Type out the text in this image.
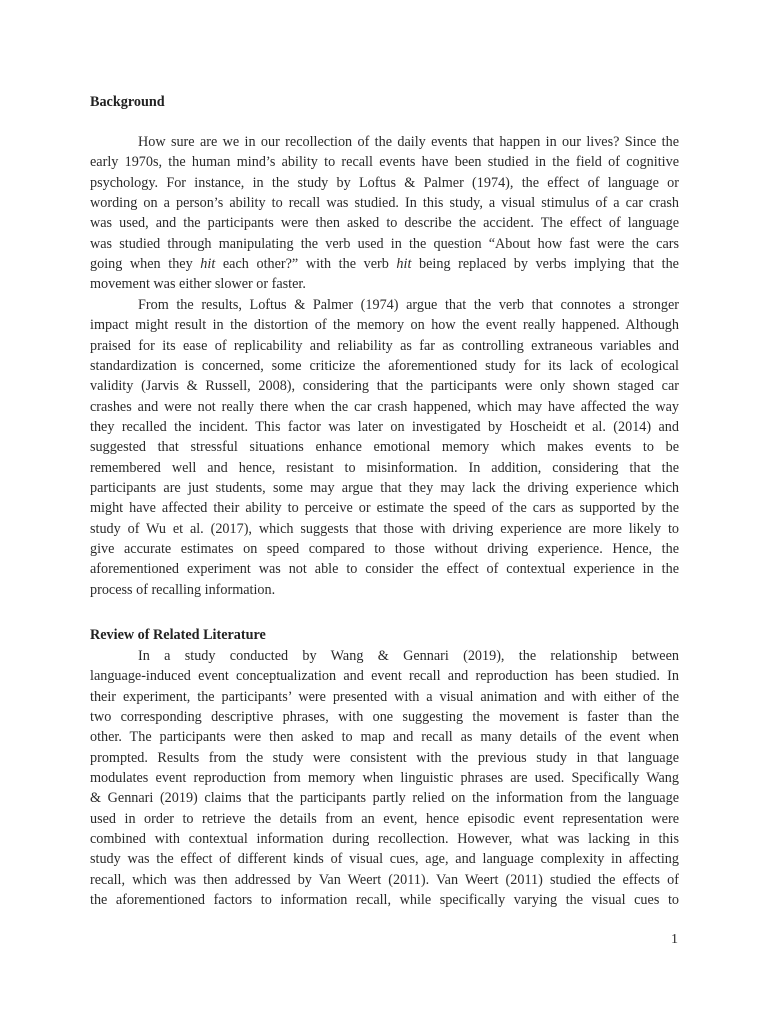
Background
How sure are we in our recollection of the daily events that happen in our lives? Since the
early 1970s, the human mind’s ability to recall events have been studied in the field of cognitive
psychology. For instance, in the study by Loftus & Palmer (1974), the effect of language or
wording on a person’s ability to recall was studied. In this study, a visual stimulus of a car crash
was used, and the participants were then asked to describe the accident. The effect of language
was studied through manipulating the verb used in the question “About how fast were the cars
going when they hit each other?” with the verb hit being replaced by verbs implying that the
movement was either slower or faster.
From the results, Loftus & Palmer (1974) argue that the verb that connotes a stronger
impact might result in the distortion of the memory on how the event really happened. Although
praised for its ease of replicability and reliability as far as controlling extraneous variables and
standardization is concerned, some criticize the aforementioned study for its lack of ecological
validity (Jarvis & Russell, 2008), considering that the participants were only shown staged car
crashes and were not really there when the car crash happened, which may have affected the way
they recalled the incident. This factor was later on investigated by Hoscheidt et al. (2014) and
suggested that stressful situations enhance emotional memory which makes events to be
remembered well and hence, resistant to misinformation. In addition, considering that the
participants are just students, some may argue that they may lack the driving experience which
might have affected their ability to perceive or estimate the speed of the cars as supported by the
study of Wu et al. (2017), which suggests that those with driving experience are more likely to
give accurate estimates on speed compared to those without driving experience. Hence, the
aforementioned experiment was not able to consider the effect of contextual experience in the
process of recalling information.
Review of Related Literature
In a study conducted by Wang & Gennari (2019), the relationship between
language-induced event conceptualization and event recall and reproduction has been studied. In
their experiment, the participants’ were presented with a visual animation and with either of the
two corresponding descriptive phrases, with one suggesting the movement is faster than the
other. The participants were then asked to map and recall as many details of the event when
prompted. Results from the study were consistent with the previous study in that language
modulates event reproduction from memory when linguistic phrases are used. Specifically Wang
& Gennari (2019) claims that the participants partly relied on the information from the language
used in order to retrieve the details from an event, hence episodic event representation were
combined with contextual information during recollection. However, what was lacking in this
study was the effect of different kinds of visual cues, age, and language complexity in affecting
recall, which was then addressed by Van Weert (2011). Van Weert (2011) studied the effects of
the aforementioned factors to information recall, while specifically varying the visual cues to
1
